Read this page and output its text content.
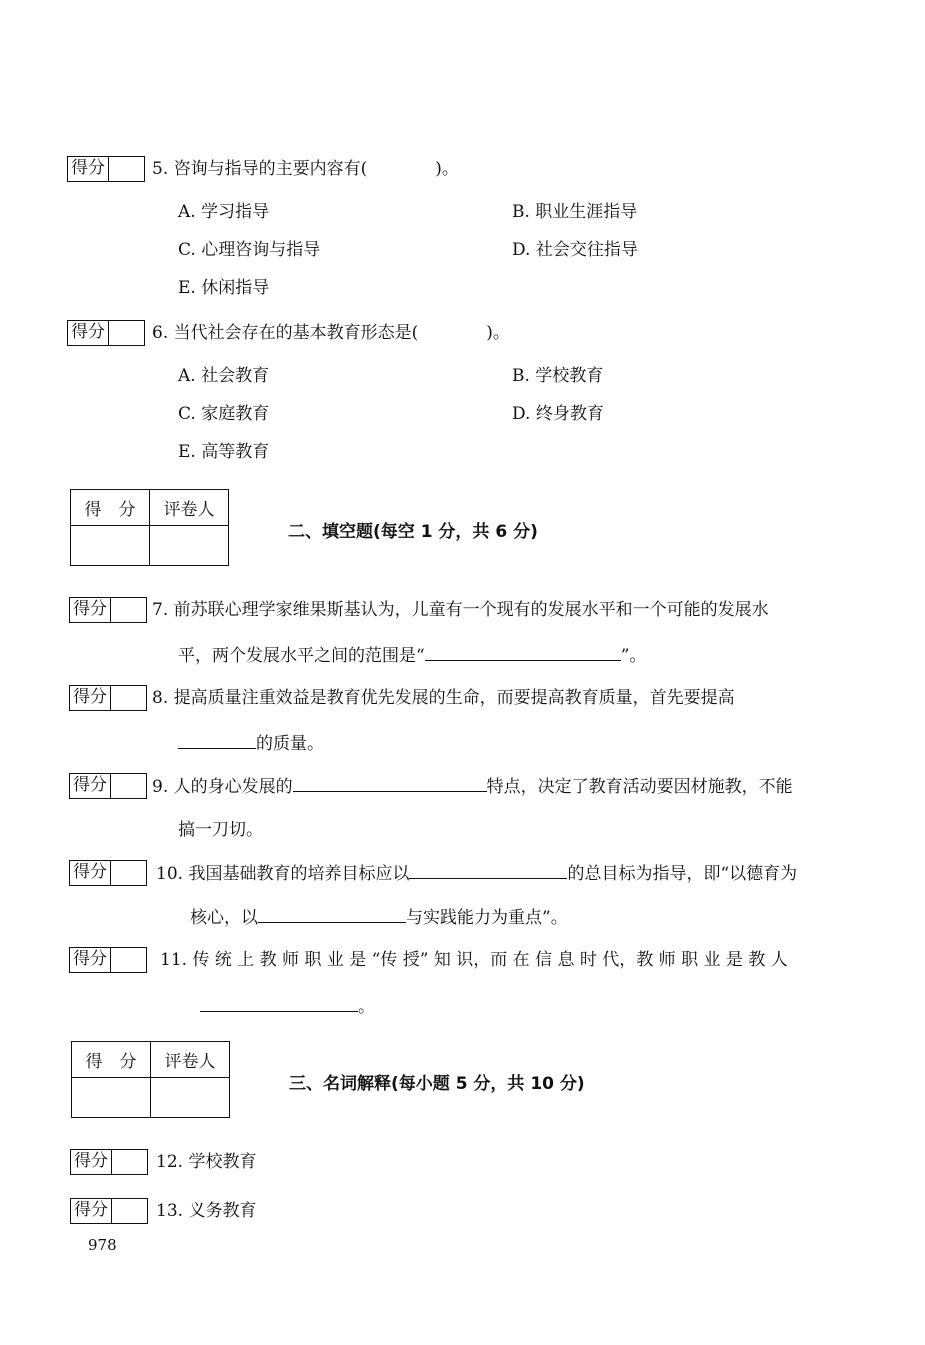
得分	5. 咨询与指导的主要内容有(　　　　)。
A. 学习指导	B. 职业生涯指导
C. 心理咨询与指导	D. 社会交往指导
E. 休闲指导
得分	6. 当代社会存在的基本教育形态是(　　　　)。
A. 社会教育	B. 学校教育
C. 家庭教育	D. 终身教育
E. 高等教育
得　分	评卷人

二、填空题(每空 1 分，共 6 分)
得分	7. 前苏联心理学家维果斯基认为，儿童有一个现有的发展水平和一个可能的发展水
平，两个发展水平之间的范围是“	”。
得分	8. 提高质量注重效益是教育优先发展的生命，而要提高教育质量，首先要提高
的质量。
得分	9. 人的身心发展的	特点，决定了教育活动要因材施教，不能
搞一刀切。
得分	10. 我国基础教育的培养目标应以	的总目标为指导，即“以德育为
核心，以	与实践能力为重点”。
得分	11. 传 统 上 教 师 职 业 是 “传 授” 知 识，而 在 信 息 时 代，教 师 职 业 是 教 人
。
得　分	评卷人

三、名词解释(每小题 5 分，共 10 分)
得分	12. 学校教育
得分	13. 义务教育
978
